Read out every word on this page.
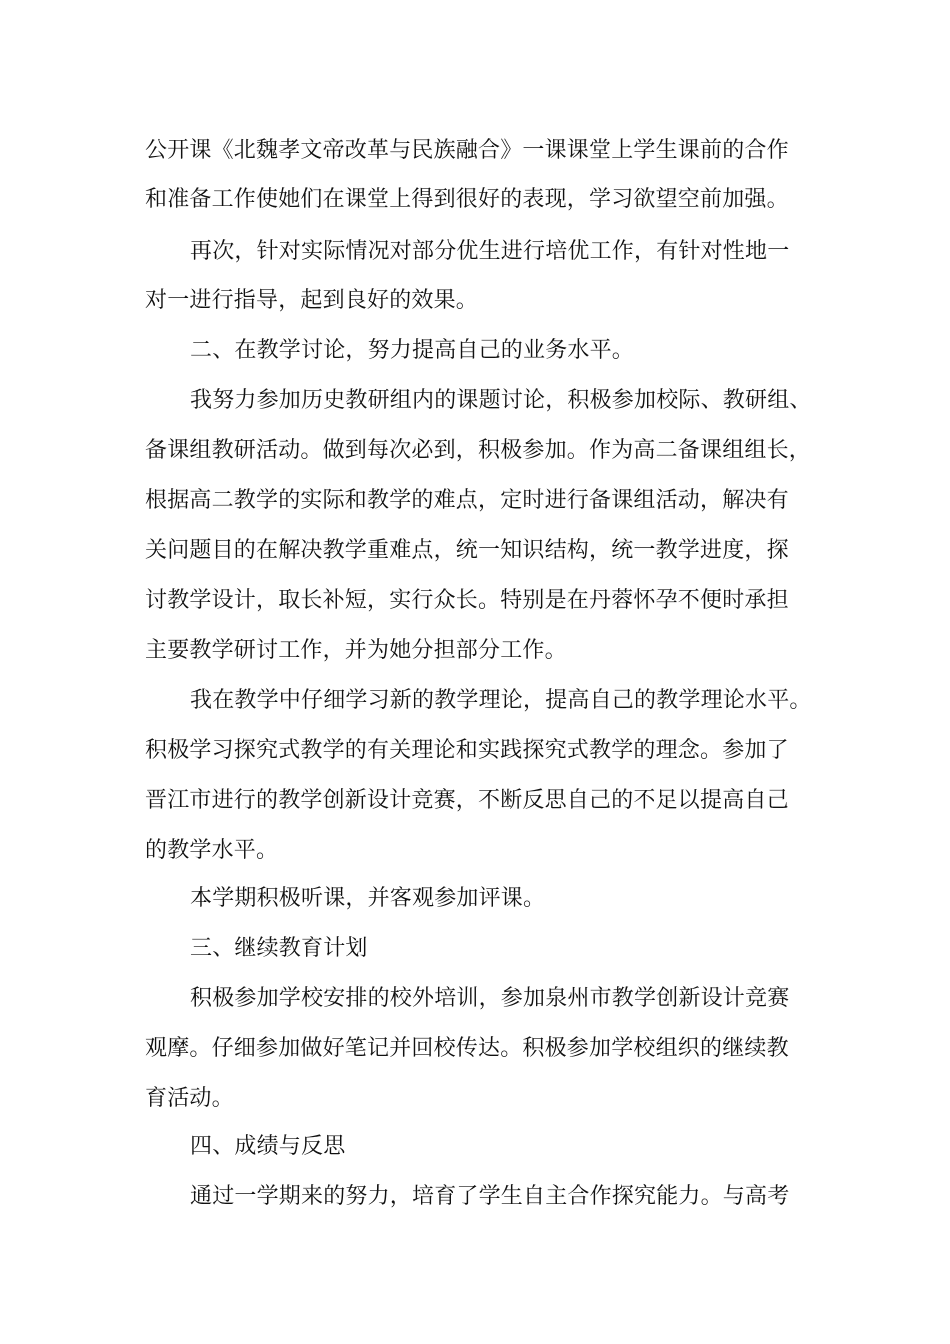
公开课《北魏孝文帝改革与民族融合》一课课堂上学生课前的合作
和准备工作使她们在课堂上得到很好的表现，学习欲望空前加强。
再次，针对实际情况对部分优生进行培优工作，有针对性地一
对一进行指导，起到良好的效果。
二、在教学讨论，努力提高自己的业务水平。
我努力参加历史教研组内的课题讨论，积极参加校际、教研组、
备课组教研活动。做到每次必到，积极参加。作为高二备课组组长，
根据高二教学的实际和教学的难点，定时进行备课组活动，解决有
关问题目的在解决教学重难点，统一知识结构，统一教学进度，探
讨教学设计，取长补短，实行众长。特别是在丹蓉怀孕不便时承担
主要教学研讨工作，并为她分担部分工作。
我在教学中仔细学习新的教学理论，提高自己的教学理论水平。
积极学习探究式教学的有关理论和实践探究式教学的理念。参加了
晋江市进行的教学创新设计竞赛，不断反思自己的不足以提高自己
的教学水平。
本学期积极听课，并客观参加评课。
三、继续教育计划
积极参加学校安排的校外培训，参加泉州市教学创新设计竞赛
观摩。仔细参加做好笔记并回校传达。积极参加学校组织的继续教
育活动。
四、成绩与反思
通过一学期来的努力，培育了学生自主合作探究能力。与高考
